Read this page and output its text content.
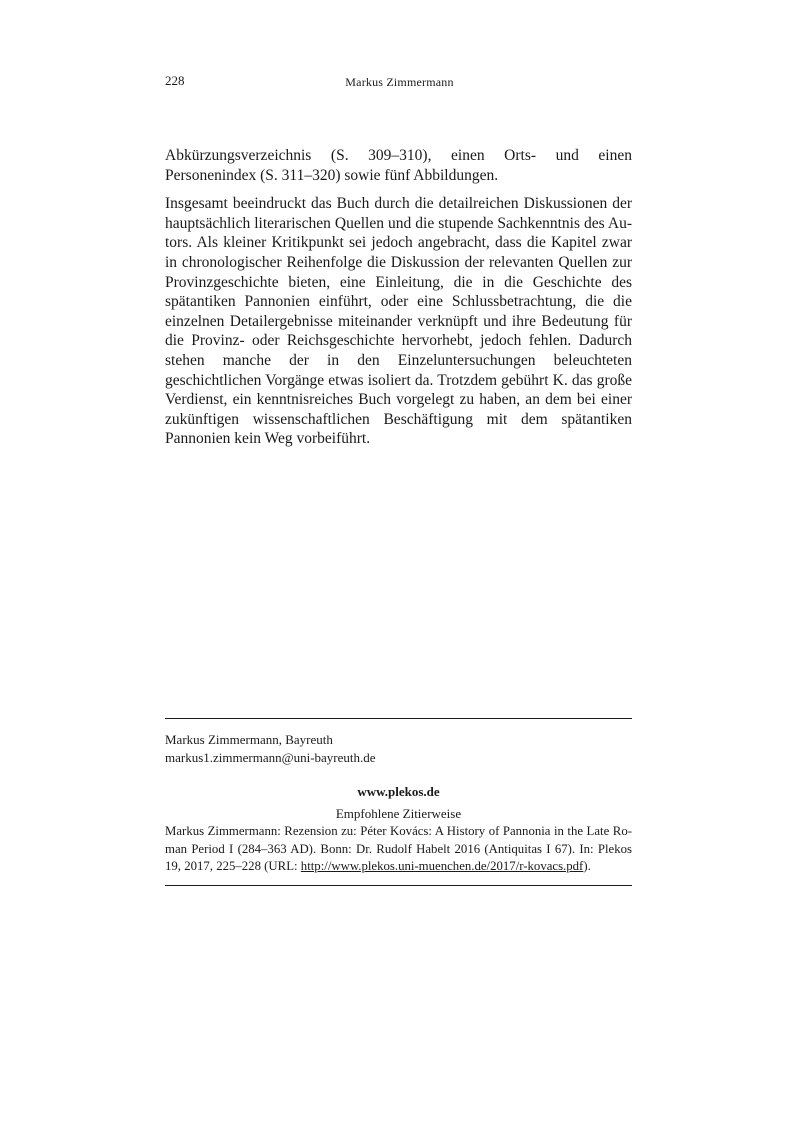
228	Markus Zimmermann

Abkürzungsverzeichnis (S. 309–310), einen Orts- und einen Personenindex (S. 311–320) sowie fünf Abbildungen.

Insgesamt beeindruckt das Buch durch die detailreichen Diskussionen der hauptsächlich literarischen Quellen und die stupende Sachkenntnis des Autors. Als kleiner Kritikpunkt sei jedoch angebracht, dass die Kapitel zwar in chronologischer Reihenfolge die Diskussion der relevanten Quellen zur Provinzgeschichte bieten, eine Einleitung, die in die Geschichte des spätantiken Pannonien einführt, oder eine Schlussbetrachtung, die die einzelnen Detailergebnisse miteinander verknüpft und ihre Bedeutung für die Provinz- oder Reichsgeschichte hervorhebt, jedoch fehlen. Dadurch stehen manche der in den Einzeluntersuchungen beleuchteten geschichtlichen Vorgänge etwas isoliert da. Trotzdem gebührt K. das große Verdienst, ein kenntnisreiches Buch vorgelegt zu haben, an dem bei einer zukünftigen wissenschaftlichen Beschäftigung mit dem spätantiken Pannonien kein Weg vorbeiführt.

Markus Zimmermann, Bayreuth
markus1.zimmermann@uni-bayreuth.de
www.plekos.de
Empfohlene Zitierweise
Markus Zimmermann: Rezension zu: Péter Kovács: A History of Pannonia in the Late Roman Period I (284–363 AD). Bonn: Dr. Rudolf Habelt 2016 (Antiquitas I 67). In: Plekos 19, 2017, 225–228 (URL: http://www.plekos.uni-muenchen.de/2017/r-kovacs.pdf).
